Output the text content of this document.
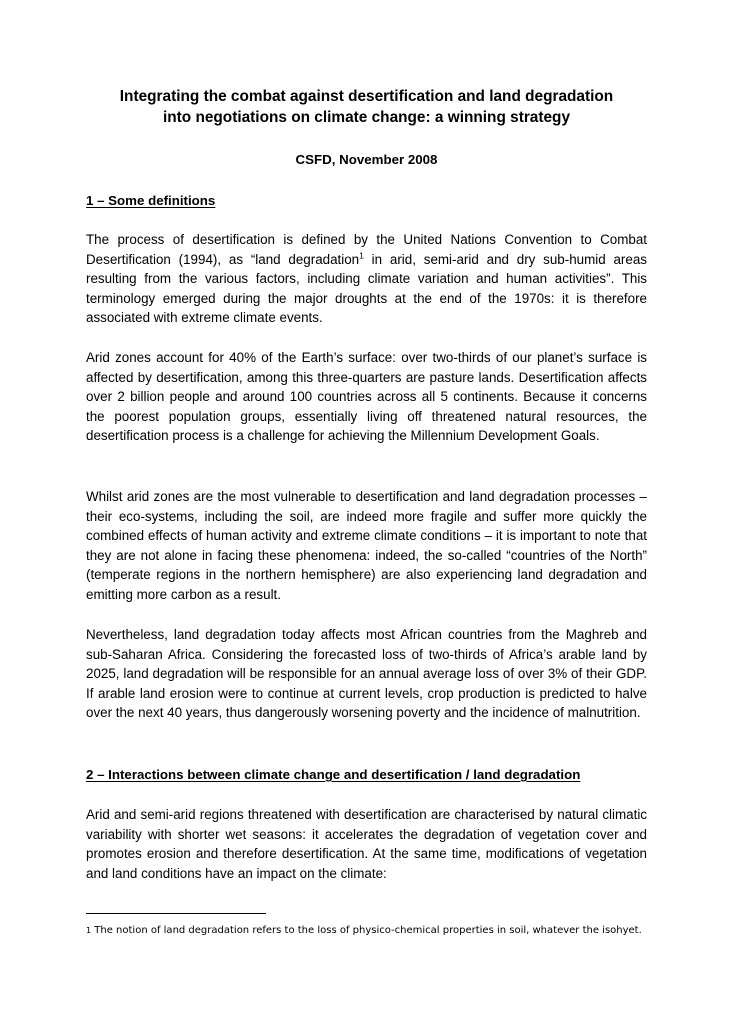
Integrating the combat against desertification and land degradation
into negotiations on climate change: a winning strategy

CSFD, November 2008

1 – Some definitions

The process of desertification is defined by the United Nations Convention to Combat Desertification (1994), as “land degradation$^1$ in arid, semi-arid and dry sub-humid areas resulting from the various factors, including climate variation and human activities”. This terminology emerged during the major droughts at the end of the 1970s: it is therefore associated with extreme climate events.

Arid zones account for 40% of the Earth’s surface: over two-thirds of our planet’s surface is affected by desertification, among this three-quarters are pasture lands. Desertification affects over 2 billion people and around 100 countries across all 5 continents. Because it concerns the poorest population groups, essentially living off threatened natural resources, the desertification process is a challenge for achieving the Millennium Development Goals.

Whilst arid zones are the most vulnerable to desertification and land degradation processes – their eco-systems, including the soil, are indeed more fragile and suffer more quickly the combined effects of human activity and extreme climate conditions – it is important to note that they are not alone in facing these phenomena: indeed, the so-called “countries of the North” (temperate regions in the northern hemisphere) are also experiencing land degradation and emitting more carbon as a result.

Nevertheless, land degradation today affects most African countries from the Maghreb and sub-Saharan Africa. Considering the forecasted loss of two-thirds of Africa’s arable land by 2025, land degradation will be responsible for an annual average loss of over 3% of their GDP. If arable land erosion were to continue at current levels, crop production is predicted to halve over the next 40 years, thus dangerously worsening poverty and the incidence of malnutrition.

2 – Interactions between climate change and desertification / land degradation

Arid and semi-arid regions threatened with desertification are characterised by natural climatic variability with shorter wet seasons: it accelerates the degradation of vegetation cover and promotes erosion and therefore desertification. At the same time, modifications of vegetation and land conditions have an impact on the climate:

$^1$ The notion of land degradation refers to the loss of physico-chemical properties in soil, whatever the isohyet.
